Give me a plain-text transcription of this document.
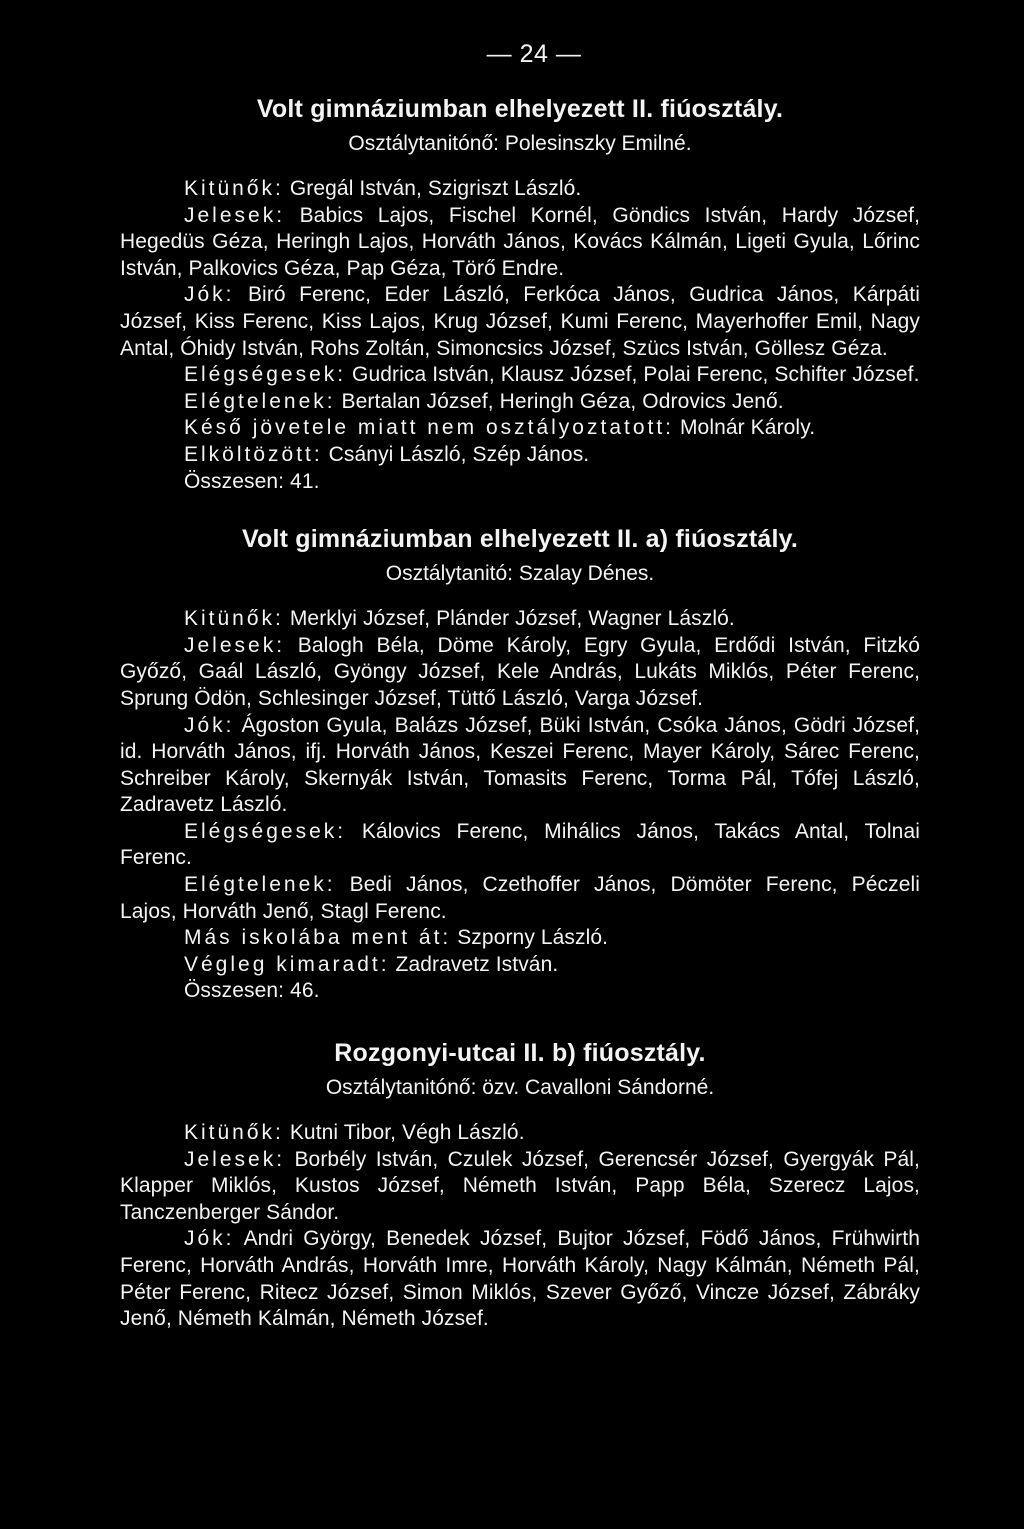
— 24 —
Volt gimnáziumban elhelyezett II. fiúosztály.
Osztálytanitónő: Polesinszky Emilné.

Kitünők: Gregál István, Szigriszt László.

Jelesek: Babics Lajos, Fischel Kornél, Göndics István, Hardy József, Hegedüs Géza, Heringh Lajos, Horváth János, Kovács Kálmán, Ligeti Gyula, Lőrinc István, Palkovics Géza, Pap Géza, Törő Endre.

Jók: Biró Ferenc, Eder László, Ferkóca János, Gudrica János, Kárpáti József, Kiss Ferenc, Kiss Lajos, Krug József, Kumi Ferenc, Mayerhoffer Emil, Nagy Antal, Óhidy István, Rohs Zoltán, Simoncsics József, Szücs István, Göllesz Géza.

Elégségesek: Gudrica István, Klausz József, Polai Ferenc, Schifter József.

Elégtelenek: Bertalan József, Heringh Géza, Odrovics Jenő.

Késő jövetele miatt nem osztályoztatott: Molnár Károly.

Elköltözött: Csányi László, Szép János.

Összesen: 41.

Volt gimnáziumban elhelyezett II. a) fiúosztály.
Osztálytanitó: Szalay Dénes.

Kitünők: Merklyi József, Plánder József, Wagner László.

Jelesek: Balogh Béla, Döme Károly, Egry Gyula, Erdődi István, Fitzkó Győző, Gaál László, Gyöngy József, Kele András, Lukáts Miklós, Péter Ferenc, Sprung Ödön, Schlesinger József, Tüttő László, Varga József.

Jók: Ágoston Gyula, Balázs József, Büki István, Csóka János, Gödri József, id. Horváth János, ifj. Horváth János, Keszei Ferenc, Mayer Károly, Sárec Ferenc, Schreiber Károly, Skernyák István, Tomasits Ferenc, Torma Pál, Tófej László, Zadravetz László.

Elégségesek: Kálovics Ferenc, Mihálics János, Takács Antal, Tolnai Ferenc.

Elégtelenek: Bedi János, Czethoffer János, Dömöter Ferenc, Péczeli Lajos, Horváth Jenő, Stagl Ferenc.

Más iskolába ment át: Szporny László.

Végleg kimaradt: Zadravetz István.

Összesen: 46.

Rozgonyi-utcai II. b) fiúosztály.
Osztálytanitónő: özv. Cavalloni Sándorné.

Kitünők: Kutni Tibor, Végh László.

Jelesek: Borbély István, Czulek József, Gerencsér József, Gyergyák Pál, Klapper Miklós, Kustos József, Németh István, Papp Béla, Szerecz Lajos, Tanczenberger Sándor.

Jók: Andri György, Benedek József, Bujtor József, Födő János, Frühwirth Ferenc, Horváth András, Horváth Imre, Horváth Károly, Nagy Kálmán, Németh Pál, Péter Ferenc, Ritecz József, Simon Miklós, Szever Győző, Vincze József, Zábráky Jenő, Németh Kálmán, Németh József.
